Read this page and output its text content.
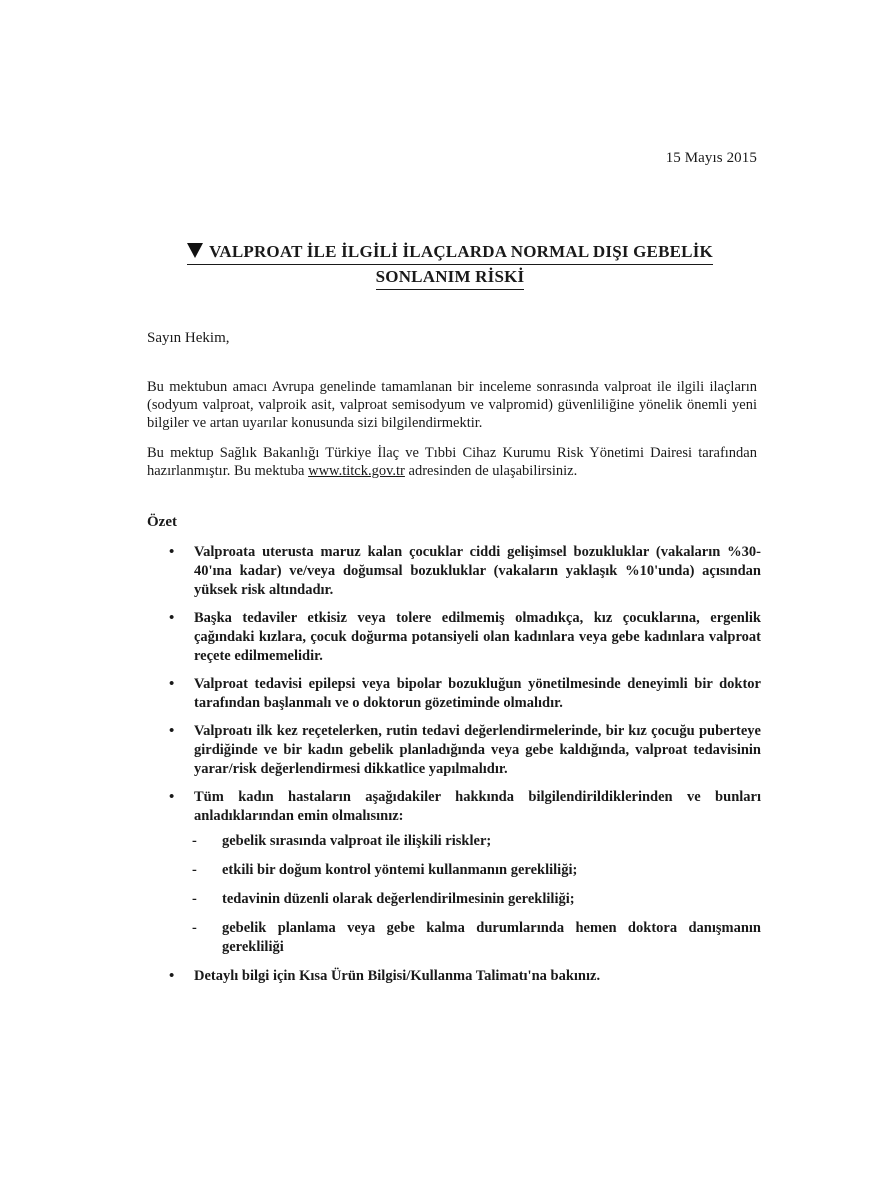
15 Mayıs 2015
VALPROAT İLE İLGİLİ İLAÇLARDA NORMAL DIŞI GEBELİK
SONLANIM RİSKİ
Sayın Hekim,
Bu mektubun amacı Avrupa genelinde tamamlanan bir inceleme sonrasında valproat ile ilgili ilaçların (sodyum valproat, valproik asit, valproat semisodyum ve valpromid) güvenliliğine yönelik önemli yeni bilgiler ve artan uyarılar konusunda sizi bilgilendirmektir.
Bu mektup Sağlık Bakanlığı Türkiye İlaç ve Tıbbi Cihaz Kurumu Risk Yönetimi Dairesi tarafından hazırlanmıştır. Bu mektuba www.titck.gov.tr adresinden de ulaşabilirsiniz.
Özet
• Valproata uterusta maruz kalan çocuklar ciddi gelişimsel bozukluklar (vakaların %30-40'ına kadar) ve/veya doğumsal bozukluklar (vakaların yaklaşık %10'unda) açısından yüksek risk altındadır.
• Başka tedaviler etkisiz veya tolere edilmemiş olmadıkça, kız çocuklarına, ergenlik çağındaki kızlara, çocuk doğurma potansiyeli olan kadınlara veya gebe kadınlara valproat reçete edilmemelidir.
• Valproat tedavisi epilepsi veya bipolar bozukluğun yönetilmesinde deneyimli bir doktor tarafından başlanmalı ve o doktorun gözetiminde olmalıdır.
• Valproatı ilk kez reçetelerken, rutin tedavi değerlendirmelerinde, bir kız çocuğu puberteye girdiğinde ve bir kadın gebelik planladığında veya gebe kaldığında, valproat tedavisinin yarar/risk değerlendirmesi dikkatlice yapılmalıdır.
• Tüm kadın hastaların aşağıdakiler hakkında bilgilendirildiklerinden ve bunları anladıklarından emin olmalısınız:
- gebelik sırasında valproat ile ilişkili riskler;
- etkili bir doğum kontrol yöntemi kullanmanın gerekliliği;
- tedavinin düzenli olarak değerlendirilmesinin gerekliliği;
- gebelik planlama veya gebe kalma durumlarında hemen doktora danışmanın gerekliliği
• Detaylı bilgi için Kısa Ürün Bilgisi/Kullanma Talimatı'na bakınız.
